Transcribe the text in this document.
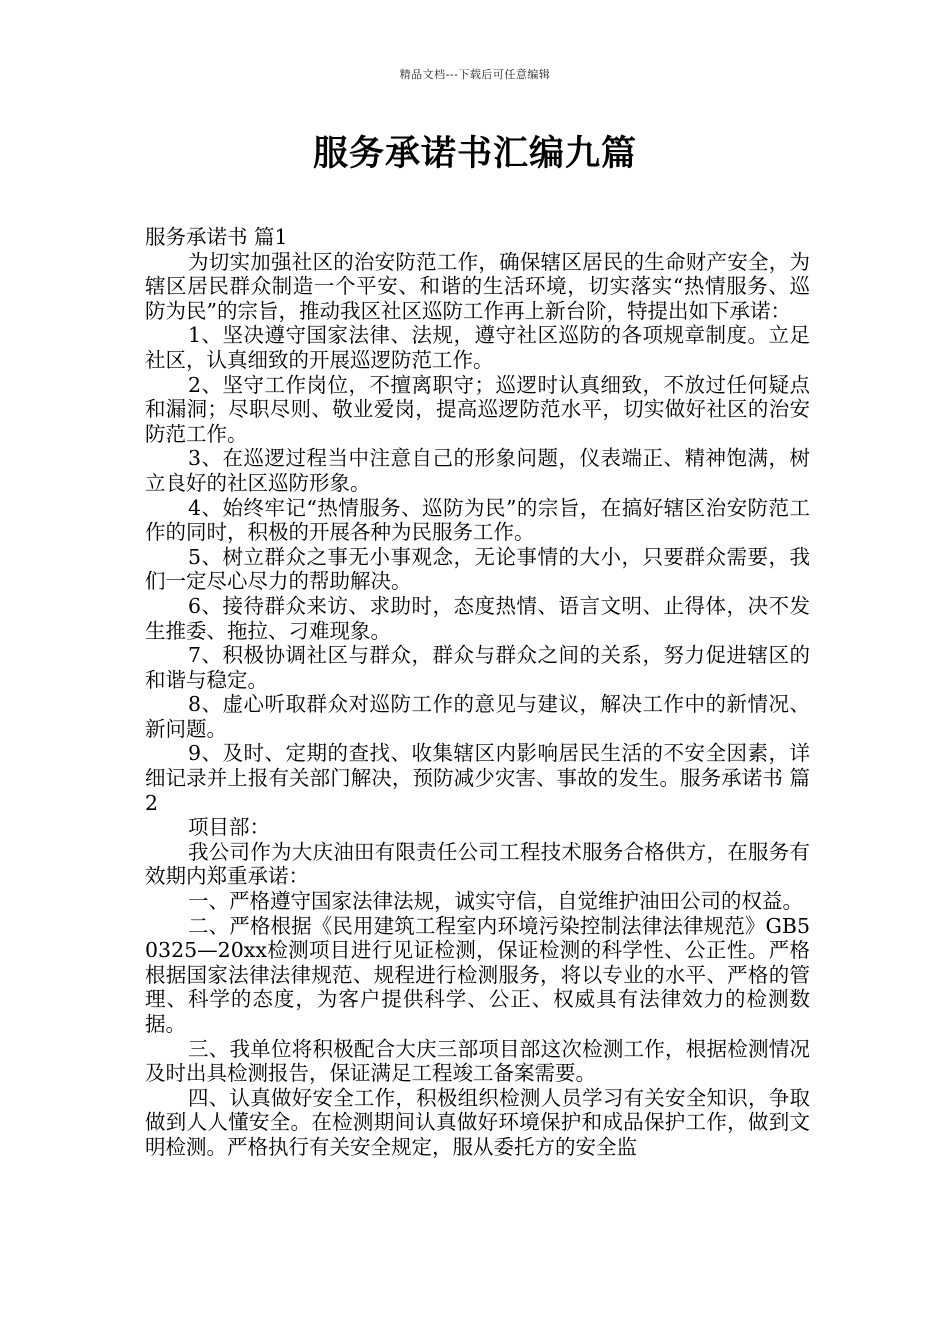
精品文档---下载后可任意编辑
服务承诺书汇编九篇

服务承诺书 篇1

为切实加强社区的治安防范工作，确保辖区居民的生命财产安全，为辖区居民群众制造一个平安、和谐的生活环境，切实落实“热情服务、巡防为民”的宗旨，推动我区社区巡防工作再上新台阶，特提出如下承诺：

1、坚决遵守国家法律、法规，遵守社区巡防的各项规章制度。立足社区，认真细致的开展巡逻防范工作。

2、坚守工作岗位，不擅离职守；巡逻时认真细致，不放过任何疑点和漏洞；尽职尽则、敬业爱岗，提高巡逻防范水平，切实做好社区的治安防范工作。

3、在巡逻过程当中注意自己的形象问题，仪表端正、精神饱满，树立良好的社区巡防形象。

4、始终牢记“热情服务、巡防为民”的宗旨，在搞好辖区治安防范工作的同时，积极的开展各种为民服务工作。

5、树立群众之事无小事观念，无论事情的大小，只要群众需要，我们一定尽心尽力的帮助解决。

6、接待群众来访、求助时，态度热情、语言文明、止得体，决不发生推委、拖拉、刁难现象。

7、积极协调社区与群众，群众与群众之间的关系，努力促进辖区的和谐与稳定。

8、虚心听取群众对巡防工作的意见与建议，解决工作中的新情况、新问题。

9、及时、定期的查找、收集辖区内影响居民生活的不安全因素，详细记录并上报有关部门解决，预防减少灾害、事故的发生。服务承诺书 篇2

项目部：

我公司作为大庆油田有限责任公司工程技术服务合格供方，在服务有效期内郑重承诺：

一、严格遵守国家法律法规，诚实守信，自觉维护油田公司的权益。

二、严格根据《民用建筑工程室内环境污染控制法律法律规范》GB50325—20xx检测项目进行见证检测，保证检测的科学性、公正性。严格根据国家法律法律规范、规程进行检测服务，将以专业的水平、严格的管理、科学的态度，为客户提供科学、公正、权威具有法律效力的检测数据。

三、我单位将积极配合大庆三部项目部这次检测工作，根据检测情况及时出具检测报告，保证满足工程竣工备案需要。

四、认真做好安全工作，积极组织检测人员学习有关安全知识，争取做到人人懂安全。在检测期间认真做好环境保护和成品保护工作，做到文明检测。严格执行有关安全规定，服从委托方的安全监
